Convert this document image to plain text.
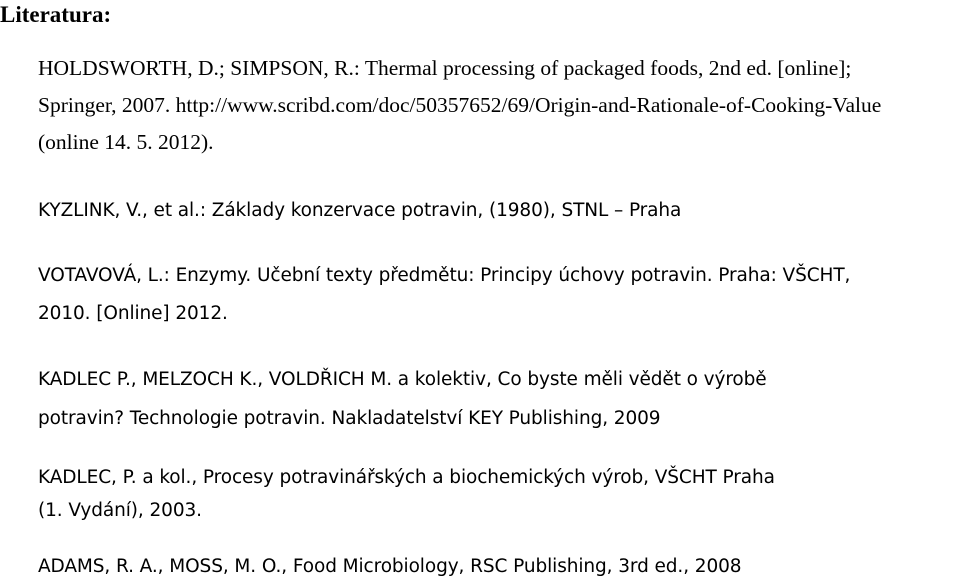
Literatura:
HOLDSWORTH, D.; SIMPSON, R.: Thermal processing of packaged foods, 2nd ed. [online];
Springer, 2007. http://www.scribd.com/doc/50357652/69/Origin-and-Rationale-of-Cooking-Value
(online 14. 5. 2012).
KYZLINK, V., et al.: Základy konzervace potravin, (1980), STNL – Praha
VOTAVOVÁ, L.: Enzymy. Učební texty předmětu: Principy úchovy potravin. Praha: VŠCHT,
2010. [Online] 2012.
KADLEC P., MELZOCH K., VOLDŘICH M. a kolektiv, Co byste měli vědět o výrobě
potravin? Technologie potravin. Nakladatelství KEY Publishing, 2009
KADLEC, P. a kol., Procesy potravinářských a biochemických výrob, VŠCHT Praha
(1. Vydání), 2003.
ADAMS, R. A., MOSS, M. O., Food Microbiology, RSC Publishing, 3rd ed., 2008
